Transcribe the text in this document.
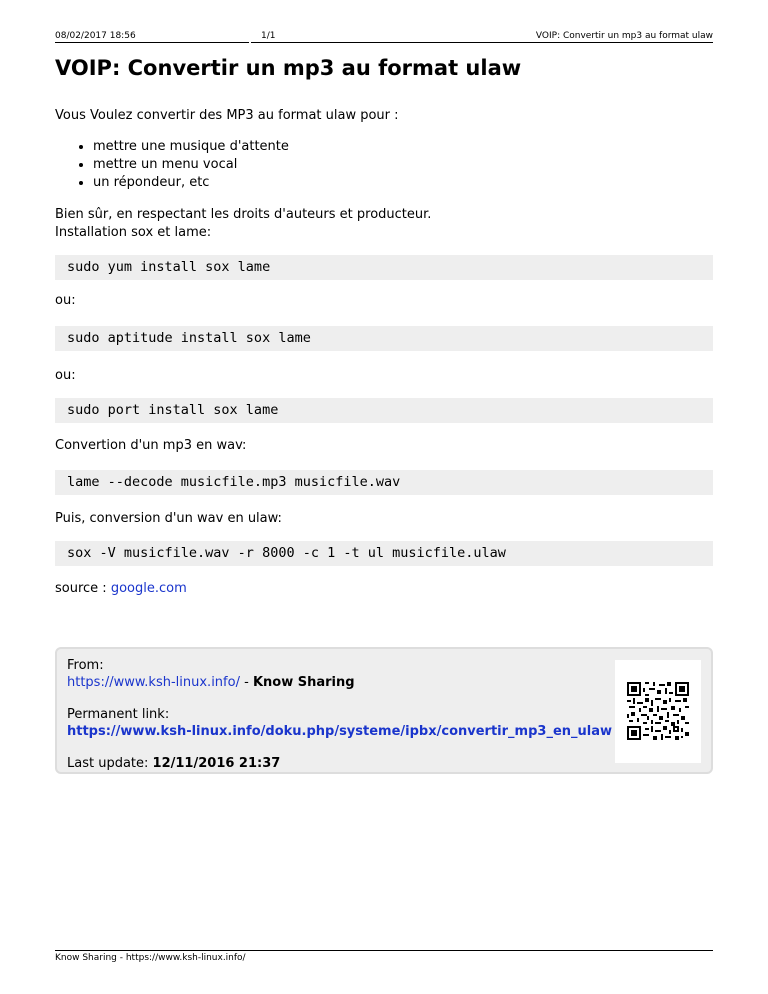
08/02/2017 18:56	1/1	VOIP: Convertir un mp3 au format ulaw
VOIP: Convertir un mp3 au format ulaw

Vous Voulez convertir des MP3 au format ulaw pour :

• mettre une musique d'attente
• mettre un menu vocal
• un répondeur, etc

Bien sûr, en respectant les droits d'auteurs et producteur.

Installation sox et lame:

sudo yum install sox lame

ou:

sudo aptitude install sox lame

ou:

sudo port install sox lame

Convertion d'un mp3 en wav:

lame --decode musicfile.mp3 musicfile.wav

Puis, conversion d'un wav en ulaw:

sox -V musicfile.wav -r 8000 -c 1 -t ul musicfile.ulaw

source : google.com

From:
https://www.ksh-linux.info/ - Know Sharing
Permanent link:
https://www.ksh-linux.info/doku.php/systeme/ipbx/convertir_mp3_en_ulaw
Last update: 12/11/2016 21:37
Know Sharing - https://www.ksh-linux.info/
